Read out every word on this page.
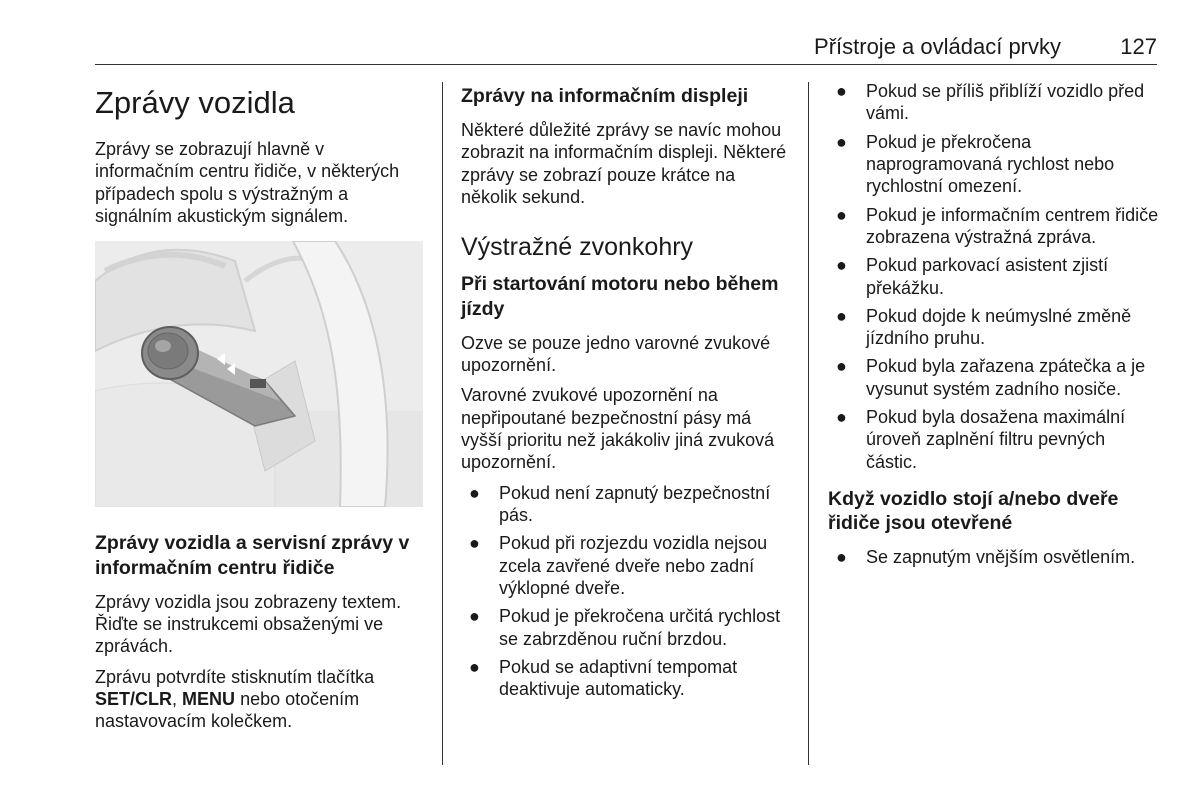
Přístroje a ovládací prvky	127
Zprávy vozidla

Zprávy se zobrazují hlavně v informačním centru řidiče, v některých případech spolu s výstražným a signálním akustickým signálem.

Zprávy vozidla a servisní zprávy v informačním centru řidiče

Zprávy vozidla jsou zobrazeny textem. Řiďte se instrukcemi obsaženými ve zprávách.

Zprávu potvrdíte stisknutím tlačítka SET/CLR, MENU nebo otočením nastavovacím kolečkem.

Zprávy na informačním displeji

Některé důležité zprávy se navíc mohou zobrazit na informačním displeji. Některé zprávy se zobrazí pouze krátce na několik sekund.

Výstražné zvonkohry
Při startování motoru nebo během jízdy

Ozve se pouze jedno varovné zvukové upozornění.

Varovné zvukové upozornění na nepřipoutané bezpečnostní pásy má vyšší prioritu než jakákoliv jiná zvuková upozornění.

● Pokud není zapnutý bezpečnostní pás.
● Pokud při rozjezdu vozidla nejsou zcela zavřené dveře nebo zadní výklopné dveře.
● Pokud je překročena určitá rychlost se zabrzděnou ruční brzdou.
● Pokud se adaptivní tempomat deaktivuje automaticky.
● Pokud se příliš přiblíží vozidlo před vámi.
● Pokud je překročena naprogramovaná rychlost nebo rychlostní omezení.
● Pokud je informačním centrem řidiče zobrazena výstražná zpráva.
● Pokud parkovací asistent zjistí překážku.
● Pokud dojde k neúmyslné změně jízdního pruhu.
● Pokud byla zařazena zpátečka a je vysunut systém zadního nosiče.
● Pokud byla dosažena maximální úroveň zaplnění filtru pevných částic.
Když vozidlo stojí a/nebo dveře řidiče jsou otevřené
● Se zapnutým vnějším osvětlením.
